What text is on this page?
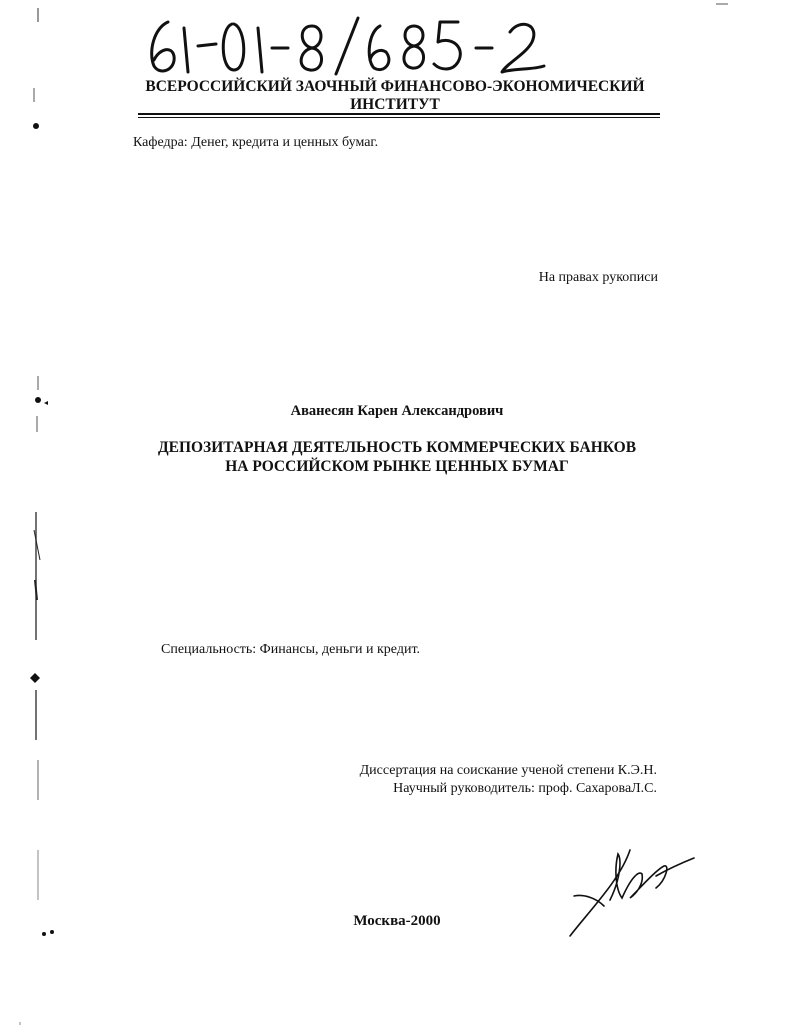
ВСЕРОССИЙСКИЙ ЗАОЧНЫЙ ФИНАНСОВО-ЭКОНОМИЧЕСКИЙ
ИНСТИТУТ
Кафедра: Денег, кредита и ценных бумаг.
На правах рукописи
Аванесян Карен Александрович
ДЕПОЗИТАРНАЯ ДЕЯТЕЛЬНОСТЬ КОММЕРЧЕСКИХ БАНКОВ
НА РОССИЙСКОМ РЫНКЕ ЦЕННЫХ БУМАГ
Специальность: Финансы, деньги и кредит.
Диссертация на соискание ученой степени К.Э.Н.
Научный руководитель: проф. СахароваЛ.С.
Москва-2000
